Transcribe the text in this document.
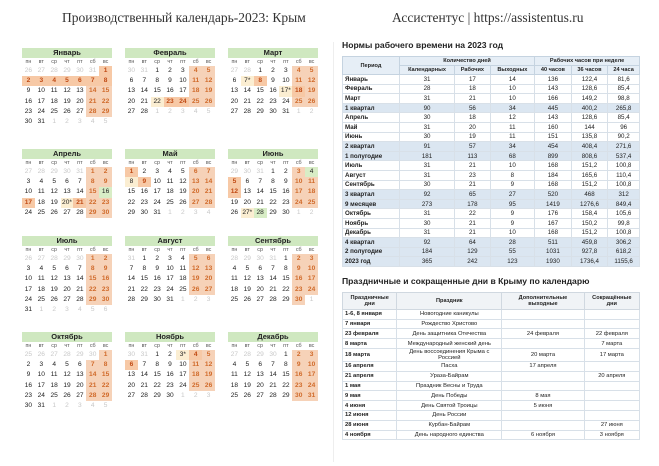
Производственный календарь-2023: Крым	Ассистентус | https://assistentus.ru
Январь
пн	вт	ср	чт	пт	сб	вс
26 27 28 29 30 31	1
2	3	4	5	6	7	8
9	10 11 12 13 14 15
16 17 18 19 20 21 22
23 24 25 26 27 28 29
30 31	1	2	3	4	5
Февраль
пн	вт	ср	чт	пт	сб	вс
30 31	1	2	3	4	5
6	7	8	9	10 11 12
13 14 15 16 17 18 19
20 21 22 23 24 25 26
27 28	1	2	3	4	5
Март
пн	вт	ср	чт	пт	сб	вс
27 28	1	2	3	4	5
6	7*	8	9	10 11 12
13 14 15 16 17* 18 19
20 21 22 23 24 25 26
27 28 29 30 31	1	2
Апрель
пн	вт	ср	чт	пт	сб	вс
27 28 29 30 31	1	2
3	4	5	6	7	8	9
10 11 12 13 14 15 16
17 18 19 20* 21 22 23
24 25 26 27 28 29 30
Май
пн	вт	ср	чт	пт	сб	вс
1	2	3	4	5	6	7
8	9	10 11 12 13 14
15 16 17 18 19 20 21
22 23 24 25 26 27 28
29 30 31	1	2	3	4
Июнь
пн	вт	ср	чт	пт	сб	вс
29 30 31	1	2	3	4
5	6	7	8	9	10 11
12 13 14 15 16 17 18
19 20 21 22 23 24 25
26 27* 28 29 30	1	2
Июль
пн	вт	ср	чт	пт	сб	вс
26 27 28 29 30	1	2
3	4	5	6	7	8	9
10 11 12 13 14 15 16
17 18 19 20 21 22 23
24 25 26 27 28 29 30
31	1	2	3	4	5	6
Август
пн	вт	ср	чт	пт	сб	вс
31	1	2	3	4	5	6
7	8	9	10 11 12 13
14 15 16 17 18 19 20
21 22 23 24 25 26 27
28 29 30 31	1	2	3
Сентябрь
пн	вт	ср	чт	пт	сб	вс
28 29 30 31	1	2	3
4	5	6	7	8	9	10
11 12 13 14 15 16 17
18 19 20 21 22 23 24
25 26 27 28 29 30	1
Октябрь
пн	вт	ср	чт	пт	сб	вс
25 26 27 28 29 30	1
2	3	4	5	6	7	8
9	10 11 12 13 14 15
16 17 18 19 20 21 22
23 24 25 26 27 28 29
30 31	1	2	3	4	5
Ноябрь
пн	вт	ср	чт	пт	сб	вс
30 31	1	2	3*	4	5
6	7	8	9	10 11 12
13 14 15 16 17 18 19
20 21 22 23 24 25 26
27 28 29 30	1	2	3
Декабрь
пн	вт	ср	чт	пт	сб	вс
27 28 29 30	1	2	3
4	5	6	7	8	9	10
11 12 13 14 15 16 17
18 19 20 21 22 23 24
25 26 27 28 29 30 31
Нормы рабочего времени на 2023 год
Период	Количество дней			Рабочих часов при неделе		
	Календарных	Рабочих	Выходных	40 часов	36 часов	24 часа
Январь	31	17	14	136	122,4	81,6
Февраль	28	18	10	143	128,6	85,4
Март	31	21	10	166	149,2	98,8
1 квартал	90	56	34	445	400,2	265,8
Апрель	30	18	12	143	128,6	85,4
Май	31	20	11	160	144	96
Июнь	30	19	11	151	135,8	90,2
2 квартал	91	57	34	454	408,4	271,6
1 полугодие	181	113	68	899	808,6	537,4
Июль	31	21	10	168	151,2	100,8
Август	31	23	8	184	165,6	110,4
Сентябрь	30	21	9	168	151,2	100,8
3 квартал	92	65	27	520	468	312
9 месяцев	273	178	95	1419	1276,6	849,4
Октябрь	31	22	9	176	158,4	105,6
Ноябрь	30	21	9	167	150,2	99,8
Декабрь	31	21	10	168	151,2	100,8
4 квартал	92	64	28	511	459,8	306,2
2 полугодие	184	129	55	1031	927,8	618,2
2023 год	365	242	123	1930	1736,4	1155,6
Праздничные и сокращенные дни в Крыму по календарю
Праздничные дни	Праздник	Дополнительные выходные	Сокращённые дни
1-6, 8 января	Новогодние каникулы		
7 января	Рождество Христово		
23 февраля	День защитника Отечества	24 февраля	22 февраля
8 марта	Международный женский день		7 марта
18 марта	День воссоединения Крыма с Россией	20 марта	17 марта
16 апреля	Пасха	17 апреля	
21 апреля	Ураза-Байрам		20 апреля
1 мая	Праздник Весны и Труда		
9 мая	День Победы	8 мая	
4 июня	День Святой Троицы	5 июня	
12 июня	День России		
28 июня	Курбан-Байрам		27 июня
4 ноября	День народного единства	6 ноября	3 ноября
